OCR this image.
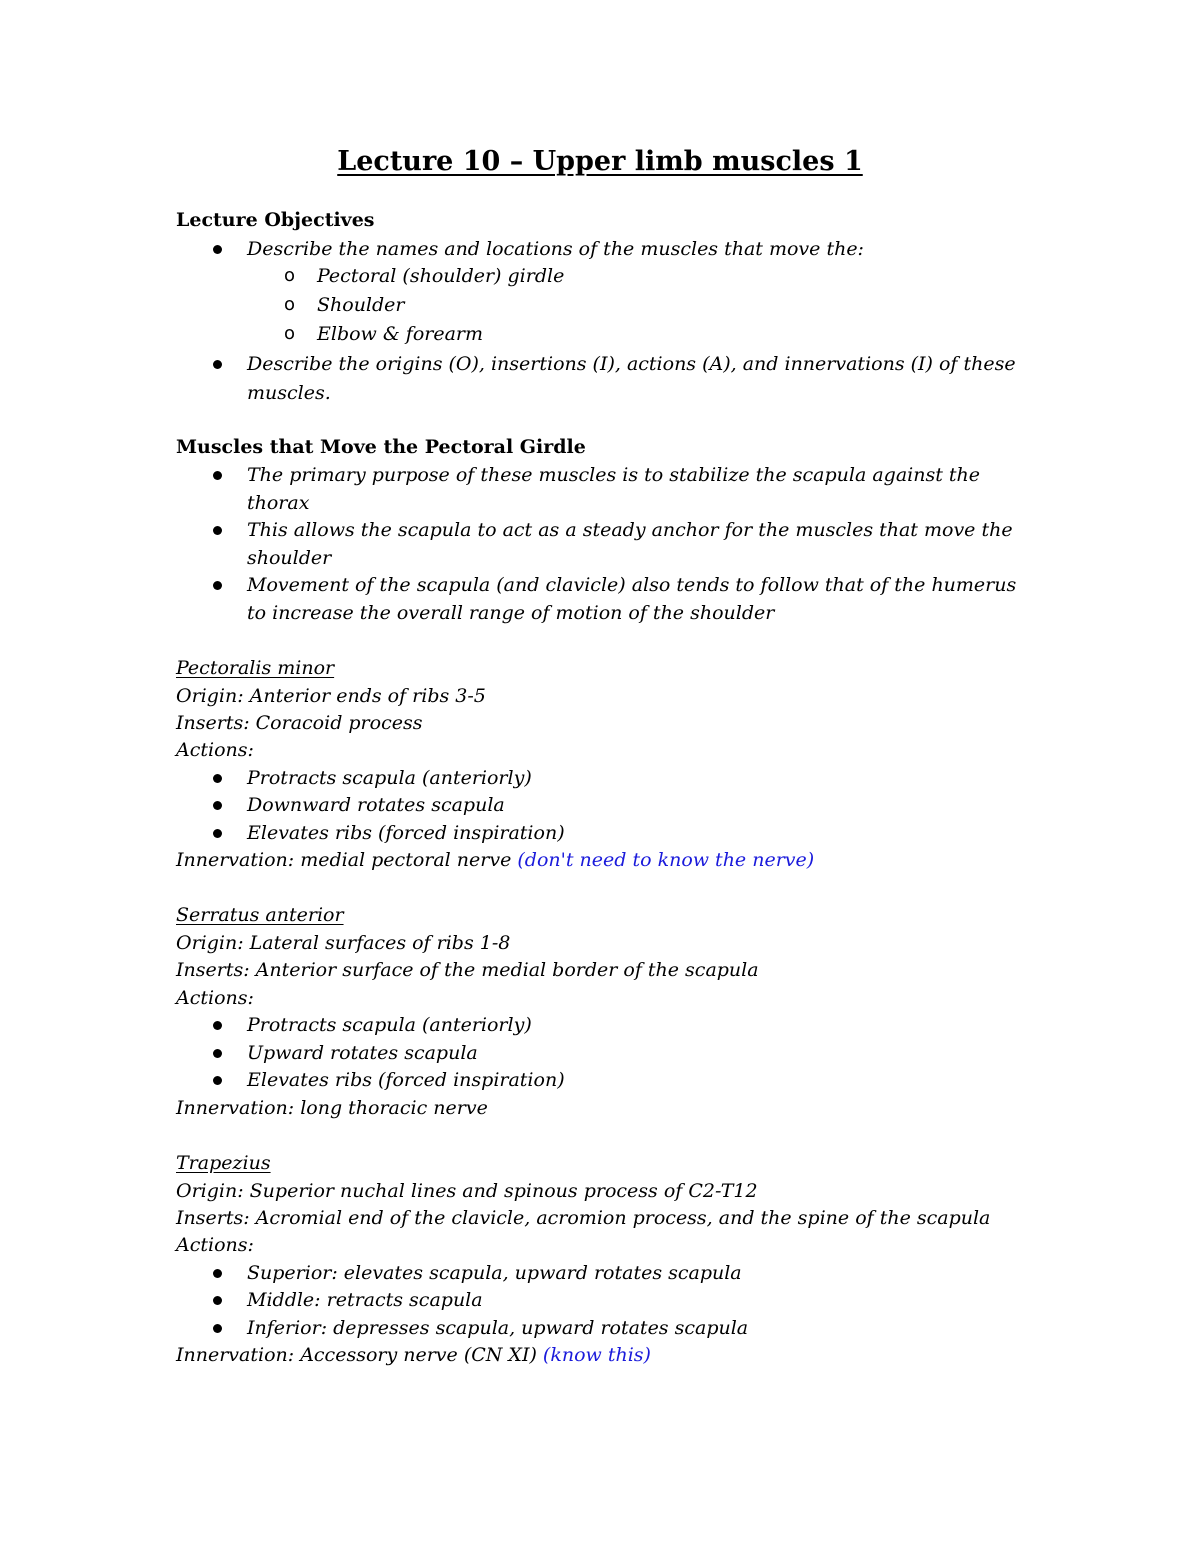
Lecture 10 – Upper limb muscles 1
Lecture Objectives
Describe the names and locations of the muscles that move the:
o Pectoral (shoulder) girdle
o Shoulder
o Elbow & forearm
Describe the origins (O), insertions (I), actions (A), and innervations (I) of these
muscles.
Muscles that Move the Pectoral Girdle
The primary purpose of these muscles is to stabilize the scapula against the
thorax
This allows the scapula to act as a steady anchor for the muscles that move the
shoulder
Movement of the scapula (and clavicle) also tends to follow that of the humerus
to increase the overall range of motion of the shoulder
Pectoralis minor
Origin: Anterior ends of ribs 3-5
Inserts: Coracoid process
Actions:
Protracts scapula (anteriorly)
Downward rotates scapula
Elevates ribs (forced inspiration)
Innervation: medial pectoral nerve (don't need to know the nerve)
Serratus anterior
Origin: Lateral surfaces of ribs 1-8
Inserts: Anterior surface of the medial border of the scapula
Actions:
Protracts scapula (anteriorly)
Upward rotates scapula
Elevates ribs (forced inspiration)
Innervation: long thoracic nerve
Trapezius
Origin: Superior nuchal lines and spinous process of C2-T12
Inserts: Acromial end of the clavicle, acromion process, and the spine of the scapula
Actions:
Superior: elevates scapula, upward rotates scapula
Middle: retracts scapula
Inferior: depresses scapula, upward rotates scapula
Innervation: Accessory nerve (CN XI) (know this)
